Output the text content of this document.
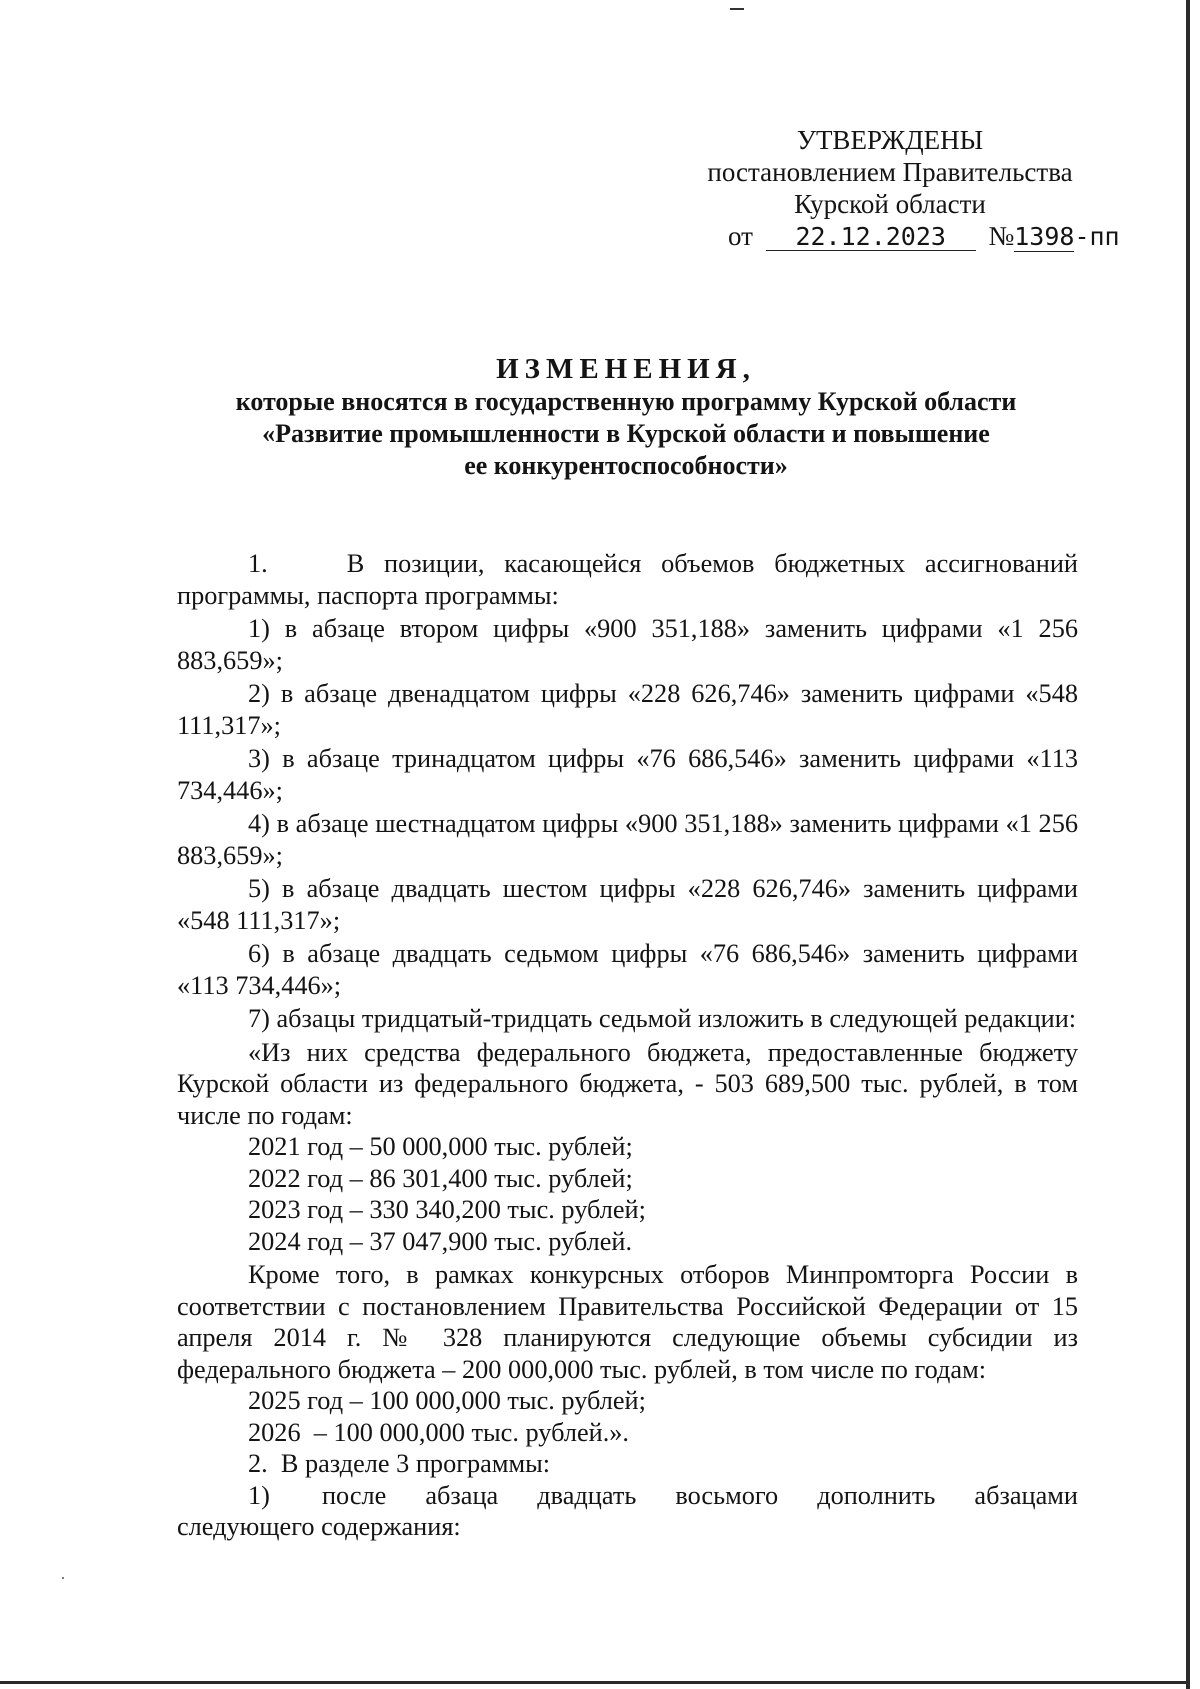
УТВЕРЖДЕНЫ
постановлением Правительства
Курской области
от 22.12.2023 №1398-пп
ИЗМЕНЕНИЯ,
которые вносятся в государственную программу Курской области
«Развитие промышленности в Курской области и повышение
ее конкурентоспособности»

1.    В позиции, касающейся объемов бюджетных ассигнований программы, паспорта программы:

1) в абзаце втором цифры «900 351,188» заменить цифрами «1 256 883,659»;

2) в абзаце двенадцатом цифры «228 626,746» заменить цифрами «548 111,317»;

3) в абзаце тринадцатом цифры «76 686,546» заменить цифрами «113 734,446»;

4) в абзаце шестнадцатом цифры «900 351,188» заменить цифрами «1 256 883,659»;

5) в абзаце двадцать шестом цифры «228 626,746» заменить цифрами «548 111,317»;

6) в абзаце двадцать седьмом цифры «76 686,546» заменить цифрами «113 734,446»;

7) абзацы тридцатый-тридцать седьмой изложить в следующей редакции:

«Из них средства федерального бюджета, предоставленные бюджету Курской области из федерального бюджета, - 503 689,500 тыс. рублей, в том числе по годам:

2021 год – 50 000,000 тыс. рублей;

2022 год – 86 301,400 тыс. рублей;

2023 год – 330 340,200 тыс. рублей;

2024 год – 37 047,900 тыс. рублей.

Кроме того, в рамках конкурсных отборов Минпромторга России в соответствии с постановлением Правительства Российской Федерации от 15 апреля 2014 г. № 328 планируются следующие объемы субсидии из федерального бюджета – 200 000,000 тыс. рублей, в том числе по годам:

2025 год – 100 000,000 тыс. рублей;

2026  – 100 000,000 тыс. рублей.».

2.  В разделе 3 программы:

1)    после   абзаца   двадцать   восьмого   дополнить   абзацами следующего содержания:
